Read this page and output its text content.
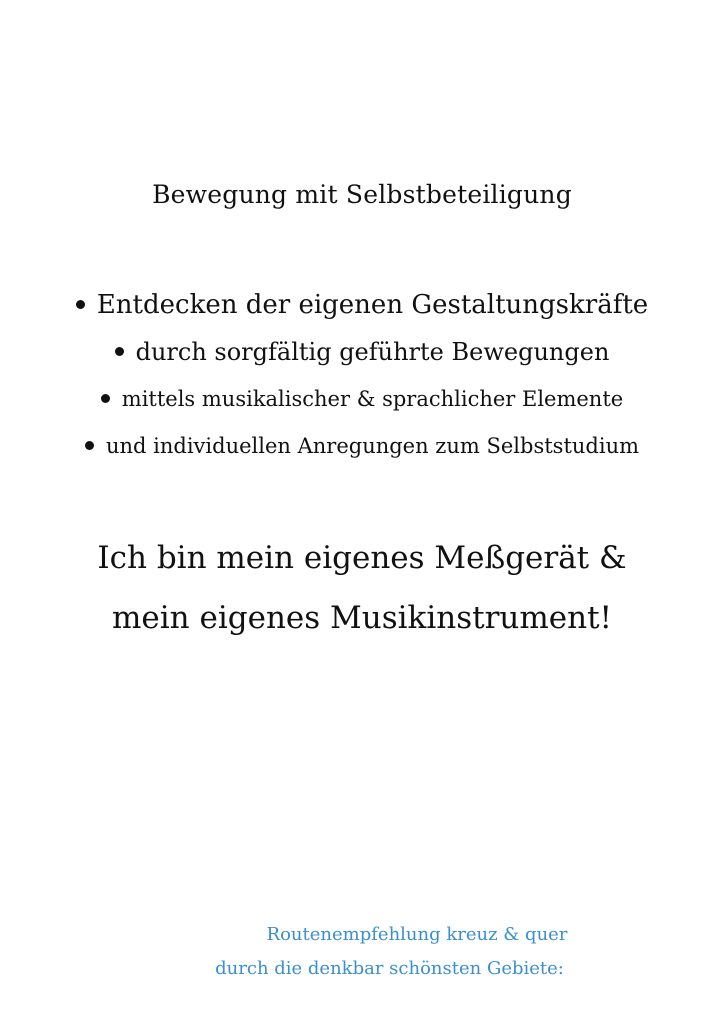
Bewegung mit Selbstbeteiligung
Entdecken der eigenen Gestaltungskräfte
durch sorgfältig geführte Bewegungen
mittels musikalischer & sprachlicher Elemente
und individuellen Anregungen zum Selbststudium
Ich bin mein eigenes Meßgerät &
mein eigenes Musikinstrument!
Routenempfehlung kreuz & quer
durch die denkbar schönsten Gebiete:
